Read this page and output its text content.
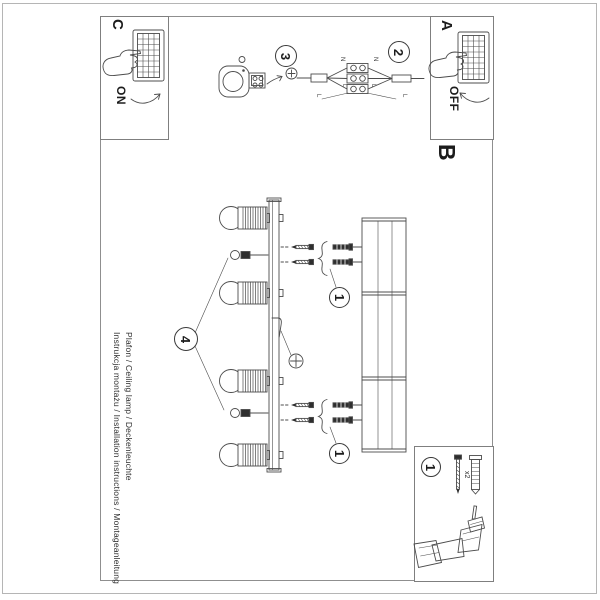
C
ON
A
OFF
B
2
3
4
1
1
1
N	N
L	L
L	L
x2
Instrukcja montażu / Installation instructions / Montageanleitung Plafon / Ceiling lamp / Deckenleuchte
